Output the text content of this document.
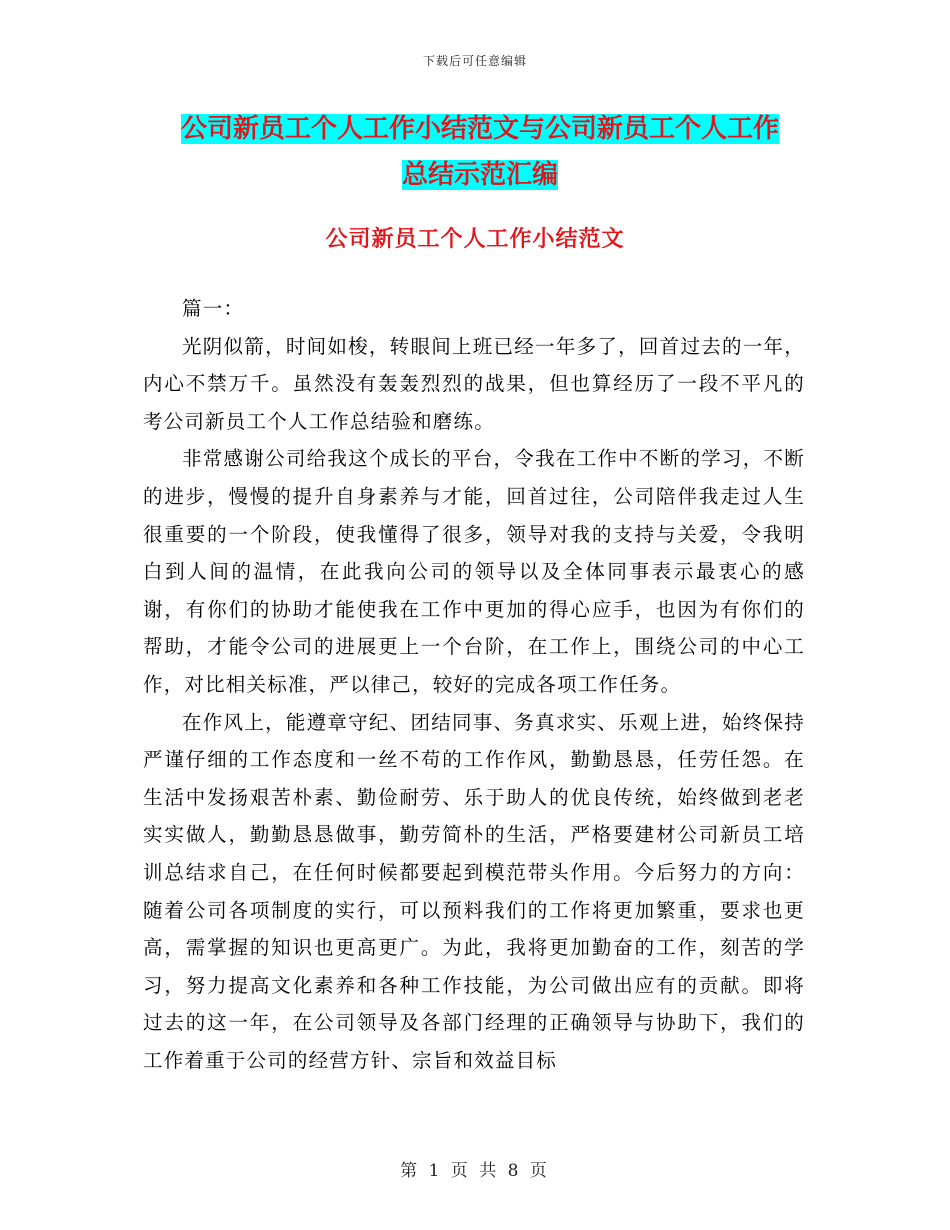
下载后可任意编辑
公司新员工个人工作小结范文与公司新员工个人工作
总结示范汇编
公司新员工个人工作小结范文

篇一：

光阴似箭，时间如梭，转眼间上班已经一年多了，回首过去的一年，内心不禁万千。虽然没有轰轰烈烈的战果，但也算经历了一段不平凡的考公司新员工个人工作总结验和磨练。

非常感谢公司给我这个成长的平台，令我在工作中不断的学习，不断的进步，慢慢的提升自身素养与才能，回首过往，公司陪伴我走过人生很重要的一个阶段，使我懂得了很多，领导对我的支持与关爱，令我明白到人间的温情，在此我向公司的领导以及全体同事表示最衷心的感谢，有你们的协助才能使我在工作中更加的得心应手，也因为有你们的帮助，才能令公司的进展更上一个台阶，在工作上，围绕公司的中心工作，对比相关标准，严以律己，较好的完成各项工作任务。

在作风上，能遵章守纪、团结同事、务真求实、乐观上进，始终保持严谨仔细的工作态度和一丝不苟的工作作风，勤勤恳恳，任劳任怨。在生活中发扬艰苦朴素、勤俭耐劳、乐于助人的优良传统，始终做到老老实实做人，勤勤恳恳做事，勤劳简朴的生活，严格要建材公司新员工培训总结求自己，在任何时候都要起到模范带头作用。今后努力的方向：随着公司各项制度的实行，可以预料我们的工作将更加繁重，要求也更高，需掌握的知识也更高更广。为此，我将更加勤奋的工作，刻苦的学习，努力提高文化素养和各种工作技能，为公司做出应有的贡献。即将过去的这一年，在公司领导及各部门经理的正确领导与协助下，我们的工作着重于公司的经营方针、宗旨和效益目标

第 1 页 共 8 页
